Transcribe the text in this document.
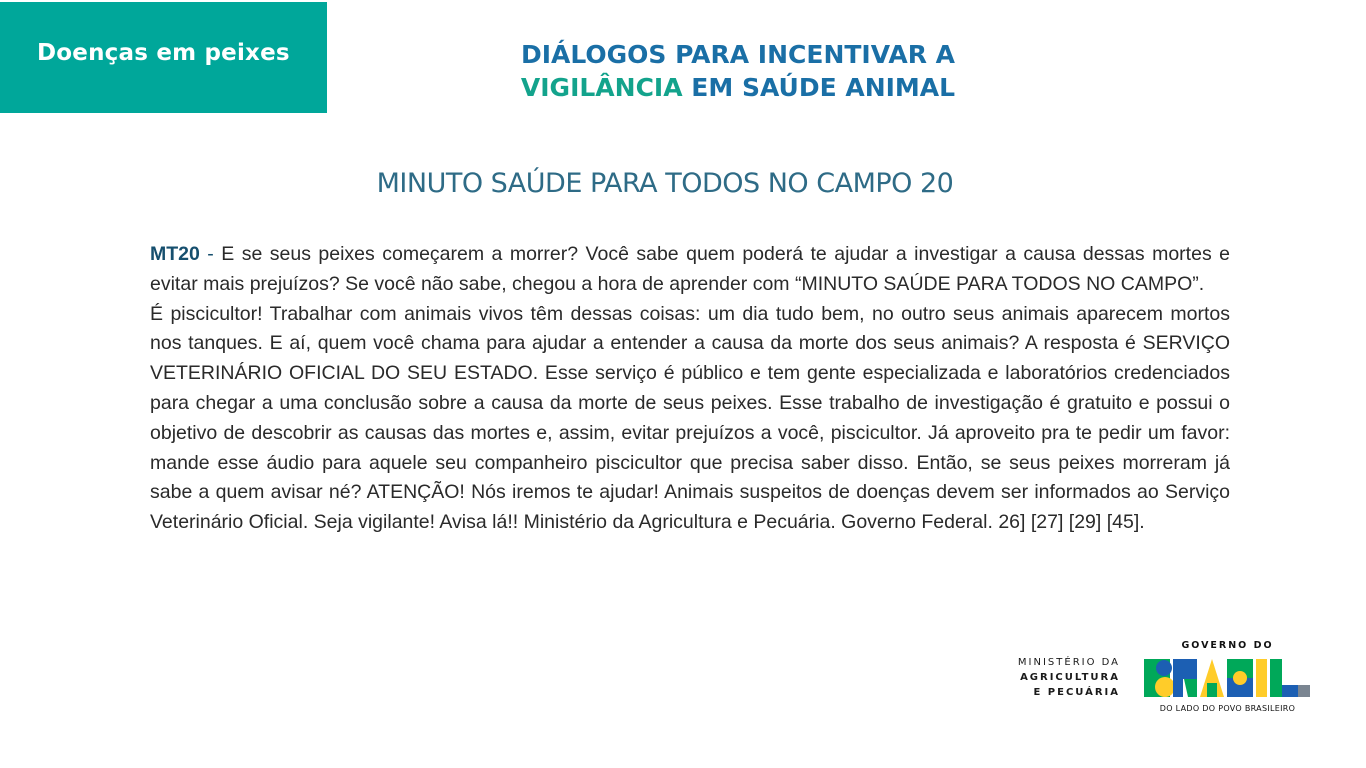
Doenças em peixes	DIÁLOGOS PARA INCENTIVAR A
VIGILÂNCIA EM SAÚDE ANIMAL
MINUTO SAÚDE PARA TODOS NO CAMPO 20

MT20 - E se seus peixes começarem a morrer? Você sabe quem poderá te ajudar a investigar a causa dessas mortes e evitar mais prejuízos? Se você não sabe, chegou a hora de aprender com “MINUTO SAÚDE PARA TODOS NO CAMPO”.

É piscicultor! Trabalhar com animais vivos têm dessas coisas: um dia tudo bem, no outro seus animais aparecem mortos nos tanques. E aí, quem você chama para ajudar a entender a causa da morte dos seus animais? A resposta é SERVIÇO VETERINÁRIO OFICIAL DO SEU ESTADO. Esse serviço é público e tem gente especializada e laboratórios credenciados para chegar a uma conclusão sobre a causa da morte de seus peixes. Esse trabalho de investigação é gratuito e possui o objetivo de descobrir as causas das mortes e, assim, evitar prejuízos a você, piscicultor. Já aproveito pra te pedir um favor: mande esse áudio para aquele seu companheiro piscicultor que precisa saber disso. Então, se seus peixes morreram já sabe a quem avisar né? ATENÇÃO! Nós iremos te ajudar! Animais suspeitos de doenças devem ser informados ao Serviço Veterinário Oficial. Seja vigilante! Avisa lá!! Ministério da Agricultura e Pecuária. Governo Federal. 26] [27] [29] [45].

MINISTÉRIO DA
AGRICULTURA
E PECUÁRIA
GOVERNO DO
DO LADO DO POVO BRASILEIRO
